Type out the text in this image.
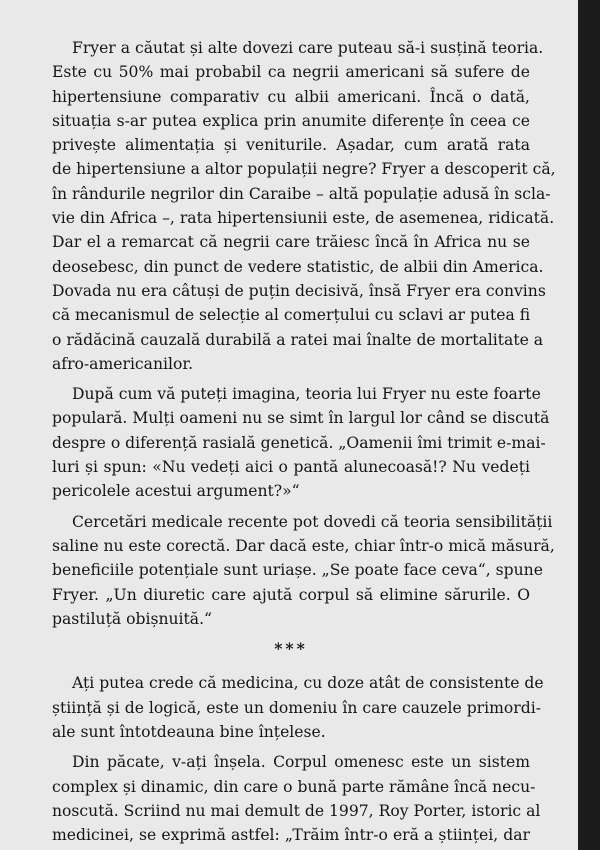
Fryer a căutat și alte dovezi care puteau să-i susțină teoria.
Este cu 50% mai probabil ca negrii americani să sufere de
hipertensiune comparativ cu albii americani. Încă o dată,
situația s-ar putea explica prin anumite diferențe în ceea ce
privește alimentația și veniturile. Așadar, cum arată rata
de hipertensiune a altor populații negre? Fryer a descoperit că,
în rândurile negrilor din Caraibe – altă populație adusă în scla-
vie din Africa –, rata hipertensiunii este, de asemenea, ridicată.
Dar el a remarcat că negrii care trăiesc încă în Africa nu se
deosebesc, din punct de vedere statistic, de albii din America.
Dovada nu era câtuși de puțin decisivă, însă Fryer era convins
că mecanismul de selecție al comerțului cu sclavi ar putea fi
o rădăcină cauzală durabilă a ratei mai înalte de mortalitate a
afro-americanilor.
După cum vă puteți imagina, teoria lui Fryer nu este foarte
populară. Mulți oameni nu se simt în largul lor când se discută
despre o diferență rasială genetică. „Oamenii îmi trimit e-mai-
luri și spun: «Nu vedeți aici o pantă alunecoasă!? Nu vedeți
pericolele acestui argument?»“
Cercetări medicale recente pot dovedi că teoria sensibilității
saline nu este corectă. Dar dacă este, chiar într-o mică măsură,
beneficiile potențiale sunt uriașe. „Se poate face ceva“, spune
Fryer. „Un diuretic care ajută corpul să elimine sărurile. O
pastiluță obișnuită.“
***
Ați putea crede că medicina, cu doze atât de consistente de
știință și de logică, este un domeniu în care cauzele primordi-
ale sunt întotdeauna bine înțelese.
Din păcate, v-ați înșela. Corpul omenesc este un sistem
complex și dinamic, din care o bună parte rămâne încă necu-
noscută. Scriind nu mai demult de 1997, Roy Porter, istoric al
medicinei, se exprimă astfel: „Trăim într-o eră a științei, dar
